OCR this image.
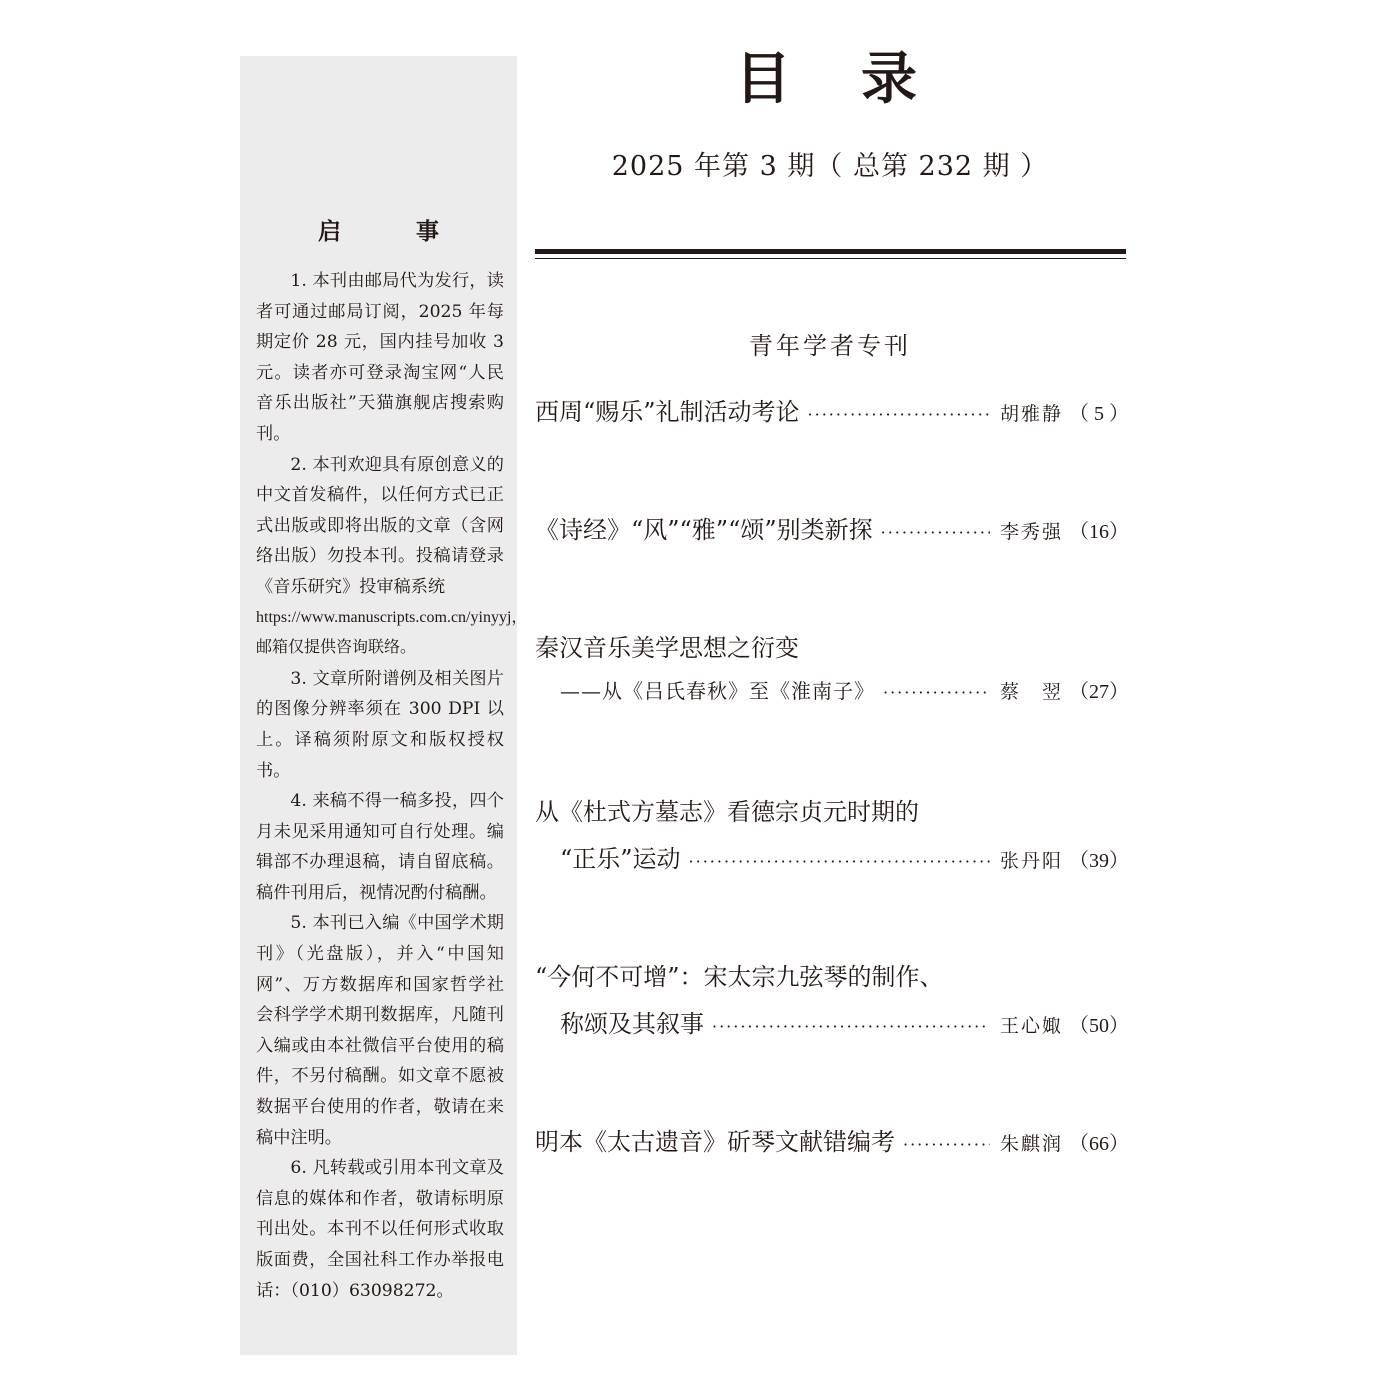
启　事

1. 本刊由邮局代为发行，读者可通过邮局订阅，2025 年每期定价 28 元，国内挂号加收 3 元。读者亦可登录淘宝网“人民音乐出版社”天猫旗舰店搜索购刊。

2. 本刊欢迎具有原创意义的中文首发稿件，以任何方式已正式出版或即将出版的文章（含网络出版）勿投本刊。投稿请登录《音乐研究》投审稿系统

https://www.manuscripts.com.cn/yinyyj，邮箱仅提供咨询联络。

3. 文章所附谱例及相关图片的图像分辨率须在 300 DPI 以上。译稿须附原文和版权授权书。

4. 来稿不得一稿多投，四个月未见采用通知可自行处理。编辑部不办理退稿，请自留底稿。稿件刊用后，视情况酌付稿酬。

5. 本刊已入编《中国学术期刊》（光盘版），并入“中国知网”、万方数据库和国家哲学社会科学学术期刊数据库，凡随刊入编或由本社微信平台使用的稿件，不另付稿酬。如文章不愿被数据平台使用的作者，敬请在来稿中注明。

6. 凡转载或引用本刊文章及信息的媒体和作者，敬请标明原刊出处。本刊不以任何形式收取版面费，全国社科工作办举报电话：（010）63098272。

目录
2025 年第 3 期（ 总第 232 期 ）
青年学者专刊
西周“赐乐”礼制活动考论 ·····	胡雅静 （ 5 ）
《诗经》“风”“雅”“颂”别类新探 ·····	李秀强 （16）
秦汉音乐美学思想之衍变
——从《吕氏春秋》至《淮南子》 ·····	蔡　翌 （27）
从《杜式方墓志》看德宗贞元时期的
“正乐”运动 ·····	张丹阳 （39）
“今何不可增”：宋太宗九弦琴的制作、
称颂及其叙事 ·····	王心娵 （50）
明本《太古遗音》斫琴文献错编考 ·····	朱麒润 （66）
